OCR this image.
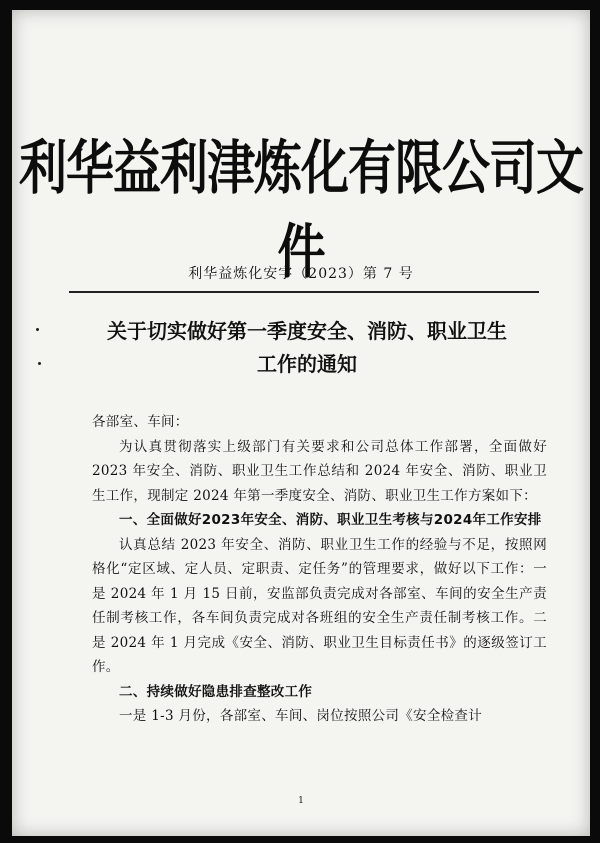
利华益利津炼化有限公司文件
利华益炼化安字（2023）第 7 号
关于切实做好第一季度安全、消防、职业卫生
工作的通知

各部室、车间：

为认真贯彻落实上级部门有关要求和公司总体工作部署，全面做好 2023 年安全、消防、职业卫生工作总结和 2024 年安全、消防、职业卫生工作，现制定 2024 年第一季度安全、消防、职业卫生工作方案如下：

一、全面做好2023年安全、消防、职业卫生考核与2024年工作安排

认真总结 2023 年安全、消防、职业卫生工作的经验与不足，按照网格化“定区域、定人员、定职责、定任务”的管理要求，做好以下工作：一是 2024 年 1 月 15 日前，安监部负责完成对各部室、车间的安全生产责任制考核工作，各车间负责完成对各班组的安全生产责任制考核工作。二是 2024 年 1 月完成《安全、消防、职业卫生目标责任书》的逐级签订工作。

二、持续做好隐患排查整改工作

一是 1-3 月份，各部室、车间、岗位按照公司《安全检查计

1
